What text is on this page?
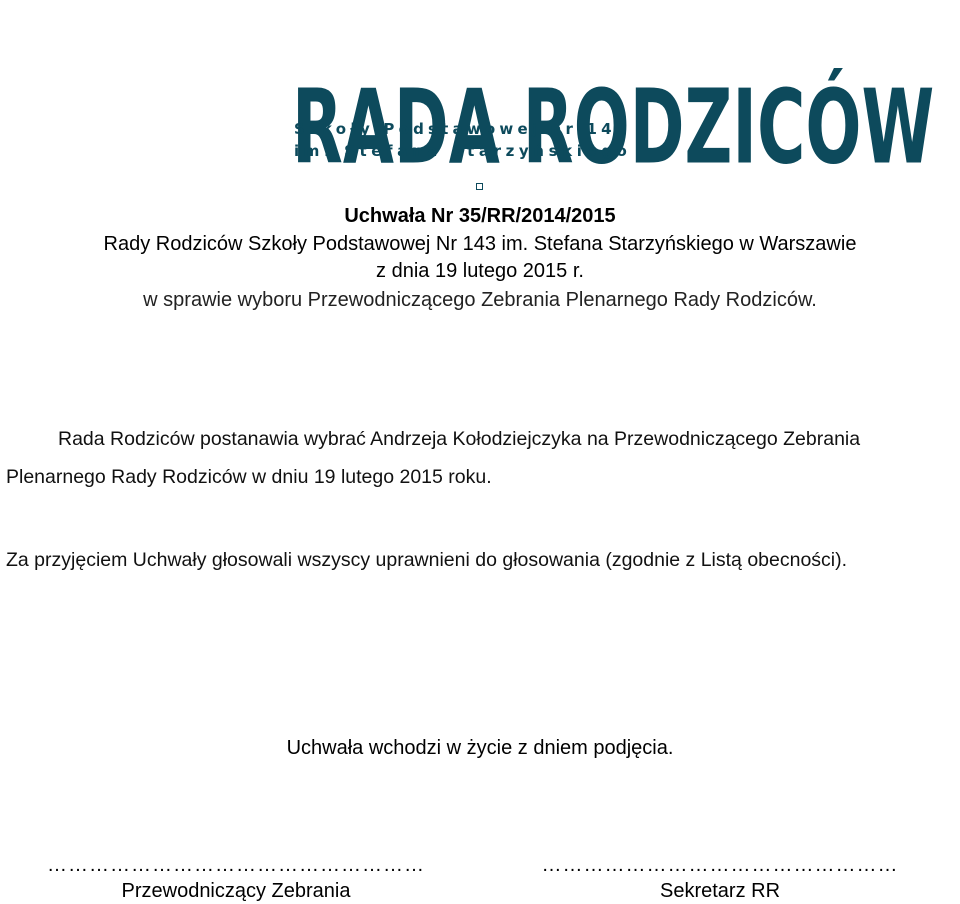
R A D A
R O D Z I C Ó W
Szkoły Podstawowej nr 143
im. Stefana Starzyńskiego
Uchwała Nr 35/RR/2014/2015
Rady Rodziców Szkoły Podstawowej Nr 143 im. Stefana Starzyńskiego w Warszawie
z dnia 19 lutego 2015 r.
w sprawie wyboru Przewodniczącego Zebrania Plenarnego Rady Rodziców.
Rada Rodziców postanawia wybrać Andrzeja Kołodziejczyka na Przewodniczącego Zebrania Plenarnego Rady Rodziców w dniu 19 lutego 2015 roku.
Za przyjęciem Uchwały głosowali wszyscy uprawnieni do głosowania (zgodnie z Listą obecności).
Uchwała wchodzi w życie z dniem podjęcia.
………………………………………………
Przewodniczący Zebrania
……………………………………………
Sekretarz RR
